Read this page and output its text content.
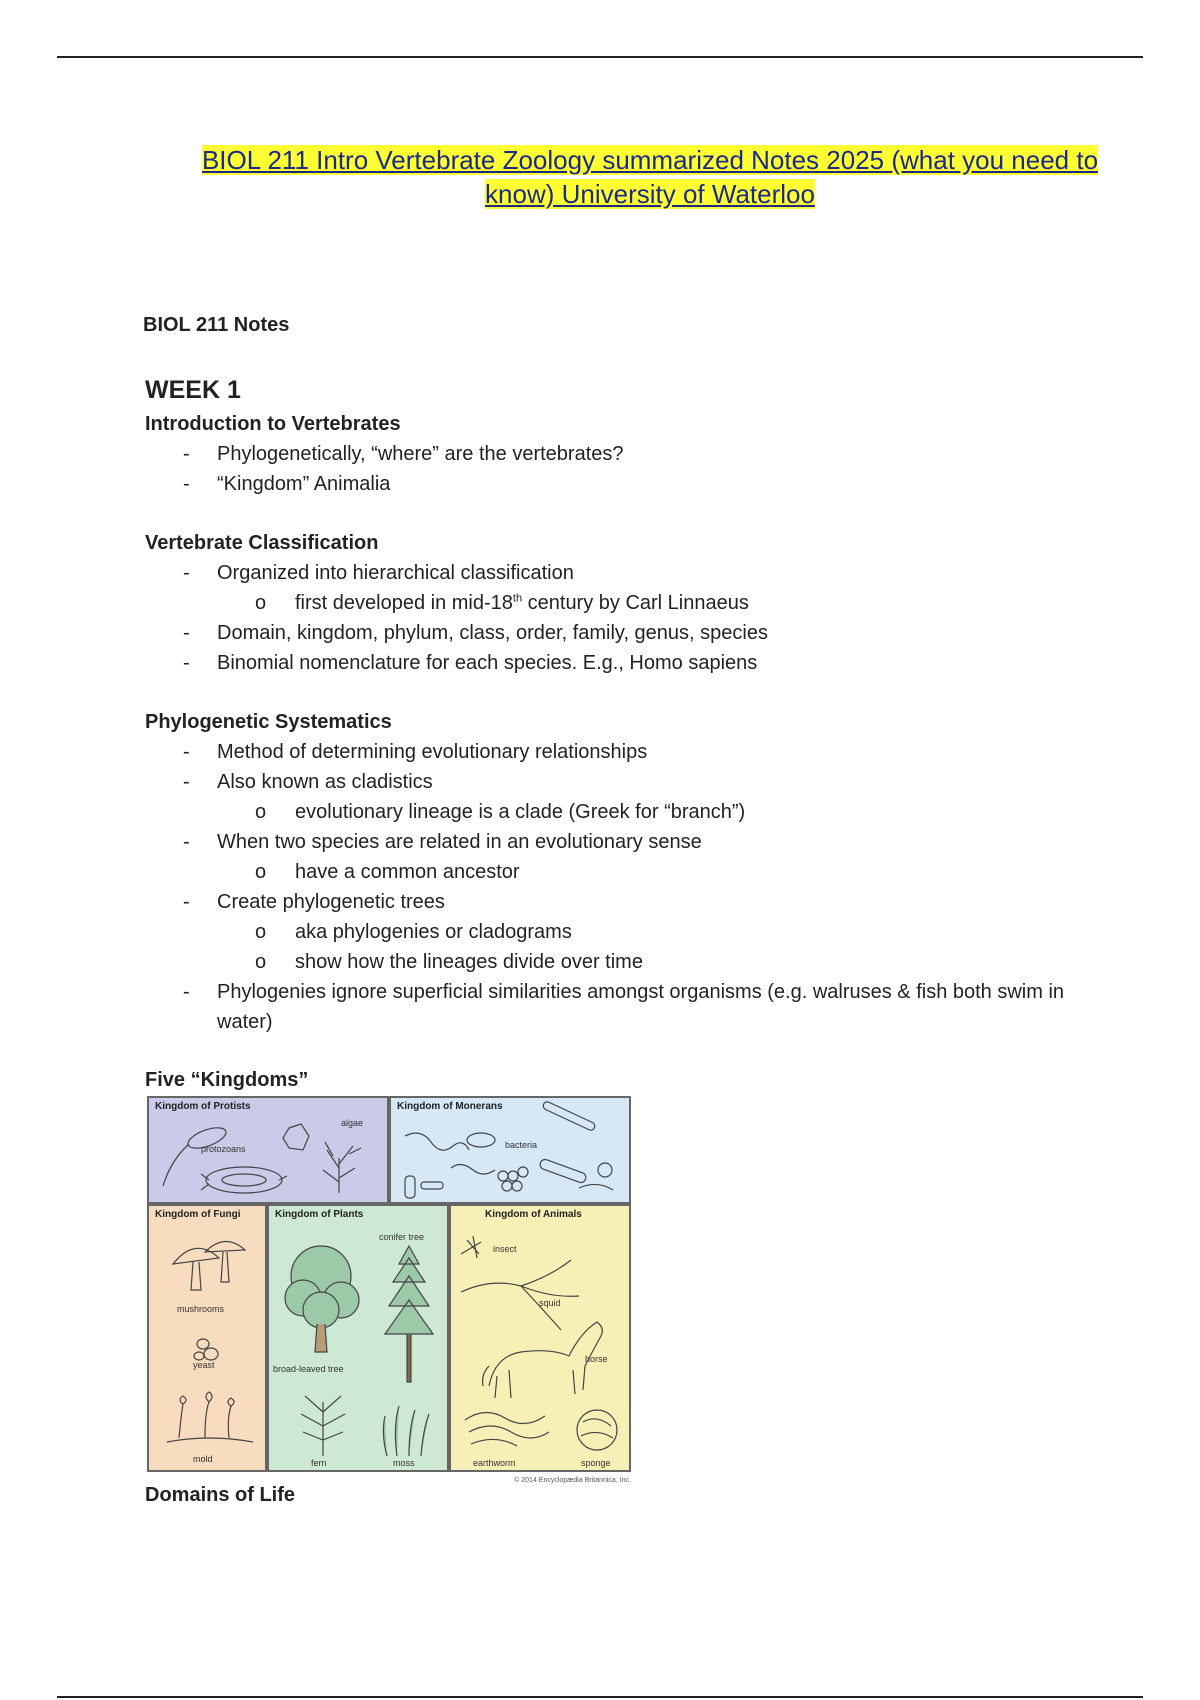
BIOL 211 Intro Vertebrate Zoology summarized Notes 2025 (what you need to know) University of Waterloo
BIOL 211 Notes
WEEK 1
Introduction to Vertebrates
- Phylogenetically, “where” are the vertebrates?
- “Kingdom” Animalia
Vertebrate Classification
- Organized into hierarchical classification
o first developed in mid-18th century by Carl Linnaeus
- Domain, kingdom, phylum, class, order, family, genus, species
- Binomial nomenclature for each species. E.g., Homo sapiens
Phylogenetic Systematics
- Method of determining evolutionary relationships
- Also known as cladistics
o evolutionary lineage is a clade (Greek for “branch”)
- When two species are related in an evolutionary sense
o have a common ancestor
- Create phylogenetic trees
o aka phylogenies or cladograms
o show how the lineages divide over time
- Phylogenies ignore superficial similarities amongst organisms (e.g. walruses & fish both swim in water)
Five “Kingdoms”
Kingdom of Protists
algae
protozoans
Kingdom of Monerans
bacteria
Kingdom of Fungi
mushrooms
yeast
mold
Kingdom of Plants
conifer tree
broad-leaved tree
fern	moss
Kingdom of Animals
insect
squid
horse
earthworm	sponge
© 2014 Encyclopædia Britannica, Inc.
Domains of Life
